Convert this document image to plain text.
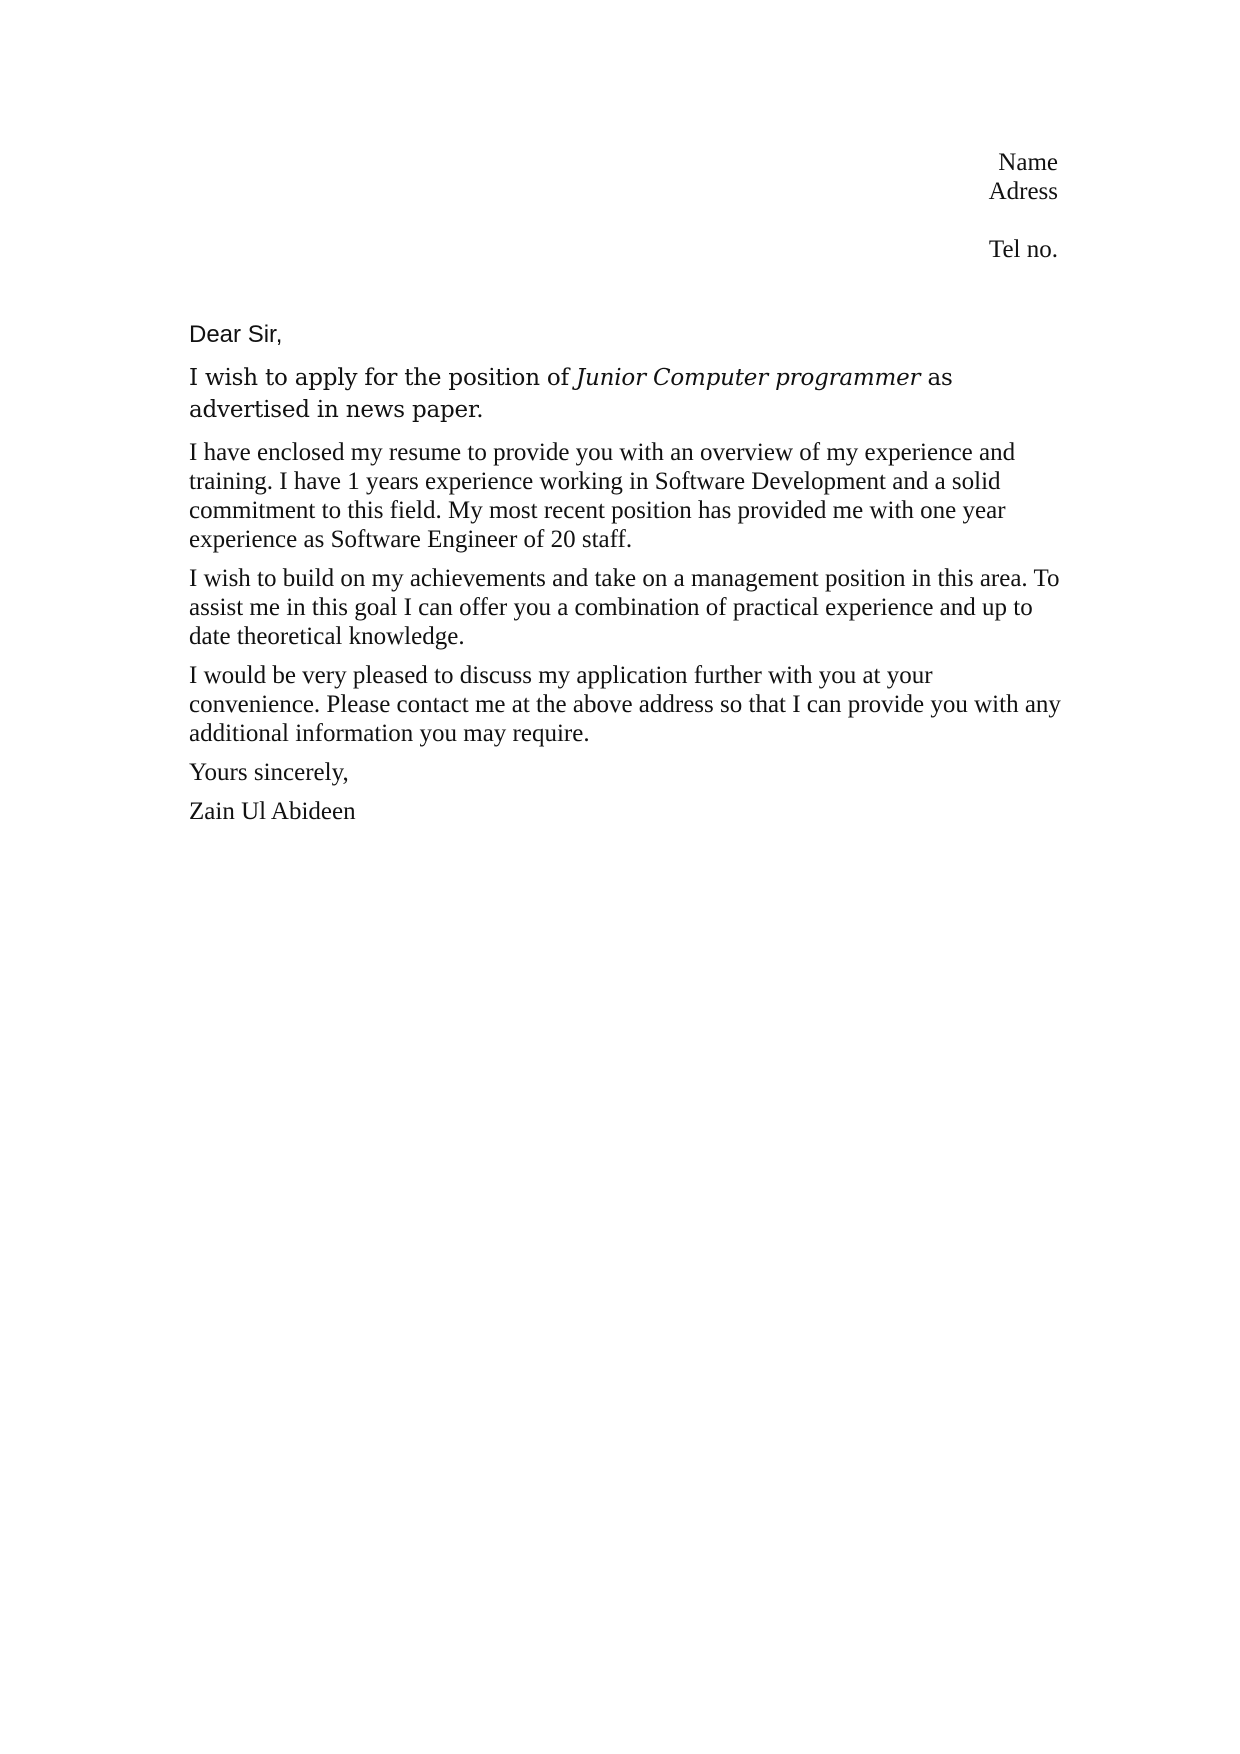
Name
Adress
Tel no.

Dear Sir,

I wish to apply for the position of Junior Computer programmer as advertised in news paper.

I have enclosed my resume to provide you with an overview of my experience and training. I have 1 years experience working in Software Development and a solid commitment to this field. My most recent position has provided me with one year experience as Software Engineer of 20 staff.

I wish to build on my achievements and take on a management position in this area. To assist me in this goal I can offer you a combination of practical experience and up to date theoretical knowledge.

I would be very pleased to discuss my application further with you at your convenience. Please contact me at the above address so that I can provide you with any additional information you may require.

Yours sincerely,

Zain Ul Abideen
